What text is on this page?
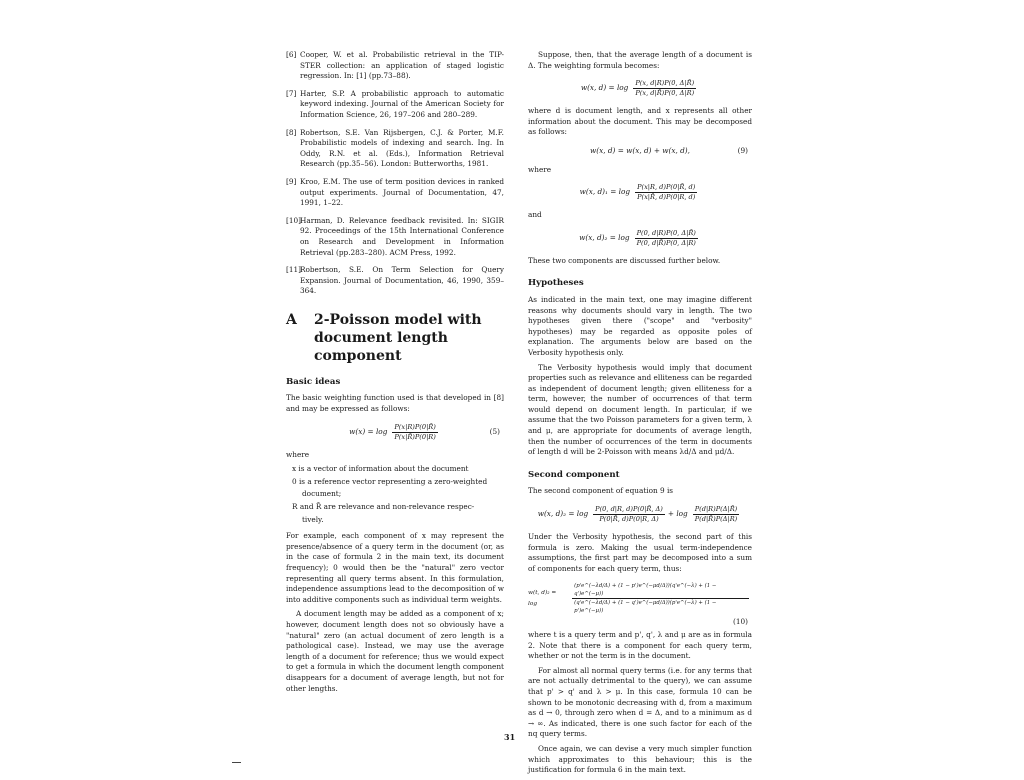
[6] Cooper, W. et al. Probabilistic retrieval in the TIP-STER collection: an application of staged logistic regression. In: [1] (pp.73–88).
[7] Harter, S.P. A probabilistic approach to automatic keyword indexing. Journal of the American Society for Information Science, 26, 197–206 and 280–289.
[8] Robertson, S.E. Van Rijsbergen, C.J. & Porter, M.F. Probabilistic models of indexing and search. Ing. In Oddy, R.N. et al. (Eds.), Information Retrieval Research (pp.35–56). London: Butterworths, 1981.
[9] Kroo, E.M. The use of term position devices in ranked output experiments. Journal of Documentation, 47, 1991, 1–22.
[10] Harman, D. Relevance feedback revisited. In: SIGIR 92. Proceedings of the 15th International Conference on Research and Development in Information Retrieval (pp.283–280). ACM Press, 1992.
[11] Robertson, S.E. On Term Selection for Query Expansion. Journal of Documentation, 46, 1990, 359–364.
A	2-Poisson model with document length component
Basic ideas

The basic weighting function used is that developed in [8] and may be expressed as follows:

$w(x) = \log \frac{P(x|R)P(0|R̄)}{P(x|R̄)P(0|R)}$	(5)

where

x is a vector of information about the document
0 is a reference vector representing a zero-weighted
document;
R and R̄ are relevance and non-relevance respec-
tively.

For example, each component of x may represent the presence/absence of a query term in the document (or, as in the case of formula 2 in the main text, its document frequency); 0 would then be the "natural" zero vector representing all query terms absent. In this formulation, independence assumptions lead to the decomposition of w into additive components such as individual term weights.

A document length may be added as a component of x; however, document length does not so obviously have a "natural" zero (an actual document of zero length is a pathological case). Instead, we may use the average length of a document for reference; thus we would expect to get a formula in which the document length component disappears for a document of average length, but not for other lengths.

Suppose, then, that the average length of a document is Δ. The weighting formula becomes:

w(x, $d) = \log \frac{P(x, d|R)P(0, \Delta|R̄)}{P(x, d|R̄)P(0, \Delta|R)}$

where d is document length, and x represents all other information about the document. This may be decomposed as follows:

w(x, d) = w(x, d) + w(x, d),	(9)

where

w(x, $d)_1 = \log \frac{P(x|R, d)P(0|R̄, d)}{P(x|R̄, d)P(0|R, d)}$

and

w(x, $d)_2 = \log \frac{P(0, d|R)P(0, \Delta|R̄)}{P(0, d|R̄)P(0, \Delta|R)}$

These two components are discussed further below.

Hypotheses

As indicated in the main text, one may imagine different reasons why documents should vary in length. The two hypotheses given there ("scope" and "verbosity" hypotheses) may be regarded as opposite poles of explanation. The arguments below are based on the Verbosity hypothesis only.

The Verbosity hypothesis would imply that document properties such as relevance and elliteness can be regarded as independent of document length; given elliteness for a term, however, the number of occurrences of that term would depend on document length. In particular, if we assume that the two Poisson parameters for a given term, λ and μ, are appropriate for documents of average length, then the number of occurrences of the term in documents of length d will be 2-Poisson with means λd/Δ and μd/Δ.

Second component

The second component of equation 9 is

w(x, $d)_2 = \log \frac{P(0, d|R, d)P(0|R̄, \Delta)}{P(0|R̄, d)P(0|R, \Delta)} + \log \frac{P(d|R)P(\Delta|R̄)}{P(d|R̄)P(\Delta|R)}$

Under the Verbosity hypothesis, the second part of this formula is zero. Making the usual term-independence assumptions, the first part may be decomposed into a sum of components for each query term, thus:

w(t, d)₂ = log	$\frac{(p'e\^{}(-\lambda d/\Delta) + (1 - p')e\^{}(-\mu d/\Delta))(q'e\^{}(-\lambda) + (1 - q')e\^{}(-\mu))}{(q'e\^{}(-\lambda d/\Delta) + (1 - q')e\^{}(-\mu d/\Delta))(p'e\^{}(-\lambda) + (1 - p')e\^{}(-\mu))}$
(10)

where t is a query term and p', q', λ and μ are as in formula 2. Note that there is a component for each query term, whether or not the term is in the document.

For almost all normal query terms (i.e. for any terms that are not actually detrimental to the query), we can assume that p' > q' and λ > μ. In this case, formula 10 can be shown to be monotonic decreasing with d, from a maximum as d → 0, through zero when d = Δ, and to a minimum as d → ∞. As indicated, there is one such factor for each of the nq query terms.

Once again, we can devise a very much simpler function which approximates to this behaviour; this is the justification for formula 6 in the main text.

31
